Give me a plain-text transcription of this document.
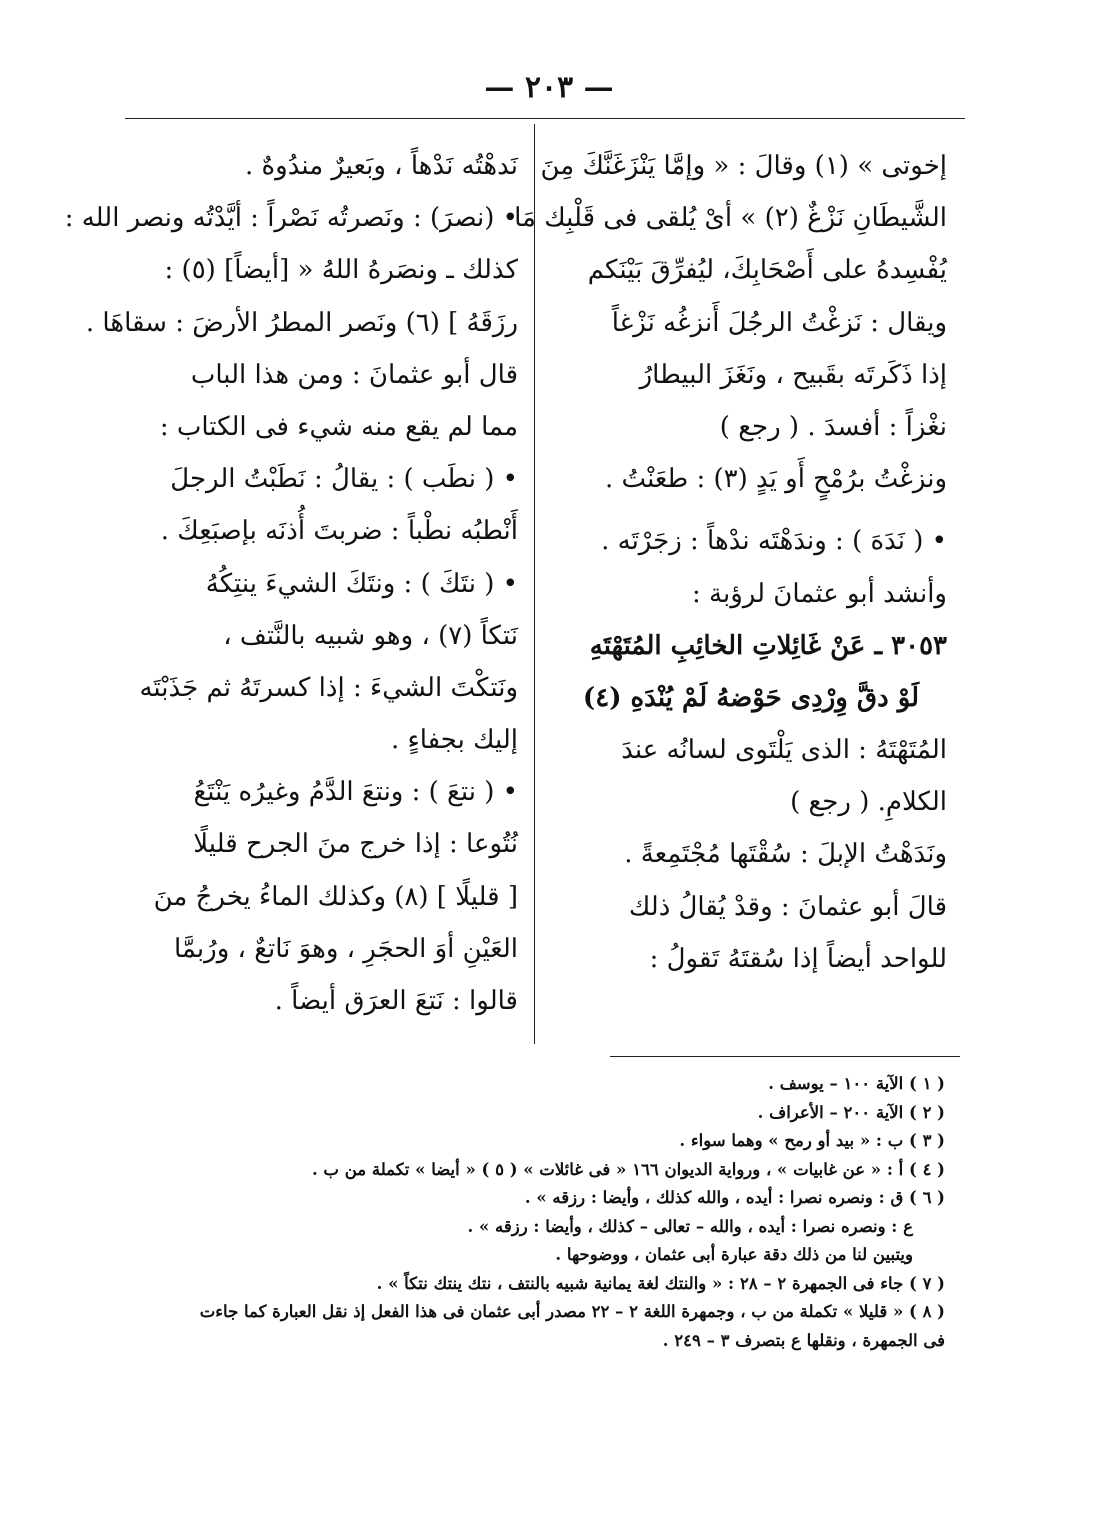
— ٢٠٣ —
إخوتى » (١) وقالَ : « وإمَّا يَنْزَغَنَّكَ مِنَ
الشَّيطَانِ نَزْغٌ (٢) » أىْ يُلقى فى قَلْبِك مَا
يُفْسِدهُ على أَصْحَابِكَ، ليُفرِّقَ بَيْنَكم
ويقال : نَزغْتُ الرجُلَ أَنزغُه نَزْغاً
إذا ذَكَرتَه بقَبيح ، ونَغَزَ البيطارُ
نغْزاً : أفسدَ . ( رجع )
ونزغْتُ برُمْحٍ أَو يَدٍ (٣) : طعَنْتُ .
• ( نَدَهَ ) : وندَهْتَه ندْهاً : زجَرْتَه .
وأنشد أبو عثمانَ لرؤبة :
٣٠٥٣ ـ عَنْ غَائِلاتِ الخائِبِ المُتَهْتَهِ
لَوْ دقَّ وِرْدِى حَوْضهُ لَمْ يُنْدَهِ (٤)
المُتَهْتَهُ : الذى يَلْتَوى لسانُه عندَ
الكلامِ. ( رجع )
ونَدَهْتُ الإبلَ : سُقْتَها مُجْتَمِعةً .
قالَ أبو عثمانَ : وقدْ يُقالُ ذلك
للواحد أيضاً إذا سُقتَهُ تَقولُ :
نَدهْتُه نَدْهاً ، وبَعيرٌ مندُوهٌ .
• (نصرَ) : ونَصرتُه نَصْراً : أيَّدْتُه ونصر الله :
كذلك ـ ونصَرهُ اللهُ « [أيضاً] (٥) :
رزَقَهُ ] (٦) ونَصر المطرُ الأرضَ : سقاهَا .
قال أبو عثمانَ : ومن هذا الباب
مما لم يقع منه شيء فى الكتاب :
• ( نطَب ) : يقالُ : نَطَبْتُ الرجلَ
أَنْطبُه نطْباً : ضربتَ أُذنَه بإصبَعِكَ .
• ( نتَكَ ) : ونتَكَ الشيءَ ينتِكُهُ
نَتكاً (٧) ، وهو شبيه بالنَّتف ،
ونَتكْتَ الشيءَ : إذا كسرتَهُ ثم جَذَبْتَه
إليك بجفاءٍ .
• ( نتعَ ) : ونتعَ الدَّمُ وغيرُه يَنْتَعُ
نُتُوعا : إذا خرج منَ الجرح قليلًا
[ قليلًا ] (٨) وكذلك الماءُ يخرجُ منَ
العَيْنِ أوَ الحجَرِ ، وهوَ نَاتعٌ ، ورُبمَّا
قالوا : نَتعَ العرَق أيضاً .
( ١ ) الآية ١٠٠ – يوسف .
( ٢ ) الآية ٢٠٠ – الأعراف .
( ٣ ) ب : « بيد أو رمح » وهما سواء .
( ٤ ) أ : « عن غابيات » ، ورواية الديوان ١٦٦ « فى غائلات » ( ٥ ) « أيضا » تكملة من ب .
( ٦ ) ق : ونصره نصرا : أيده ، والله كذلك ، وأيضا : رزقه » .
ع : ونصره نصرا : أيده ، والله – تعالى – كذلك ، وأيضا : رزقه » .
ويتبين لنا من ذلك دقة عبارة أبى عثمان ، ووضوحها .
( ٧ ) جاء فى الجمهرة ٢ – ٢٨ : « والنتك لغة يمانية شبيه بالنتف ، نتك ينتك نتكاً » .
( ٨ ) « قليلا » تكملة من ب ، وجمهرة اللغة ٢ – ٢٢ مصدر أبى عثمان فى هذا الفعل إذ نقل العبارة كما جاءت
فى الجمهرة ، ونقلها ع بتصرف ٣ – ٢٤٩ .
